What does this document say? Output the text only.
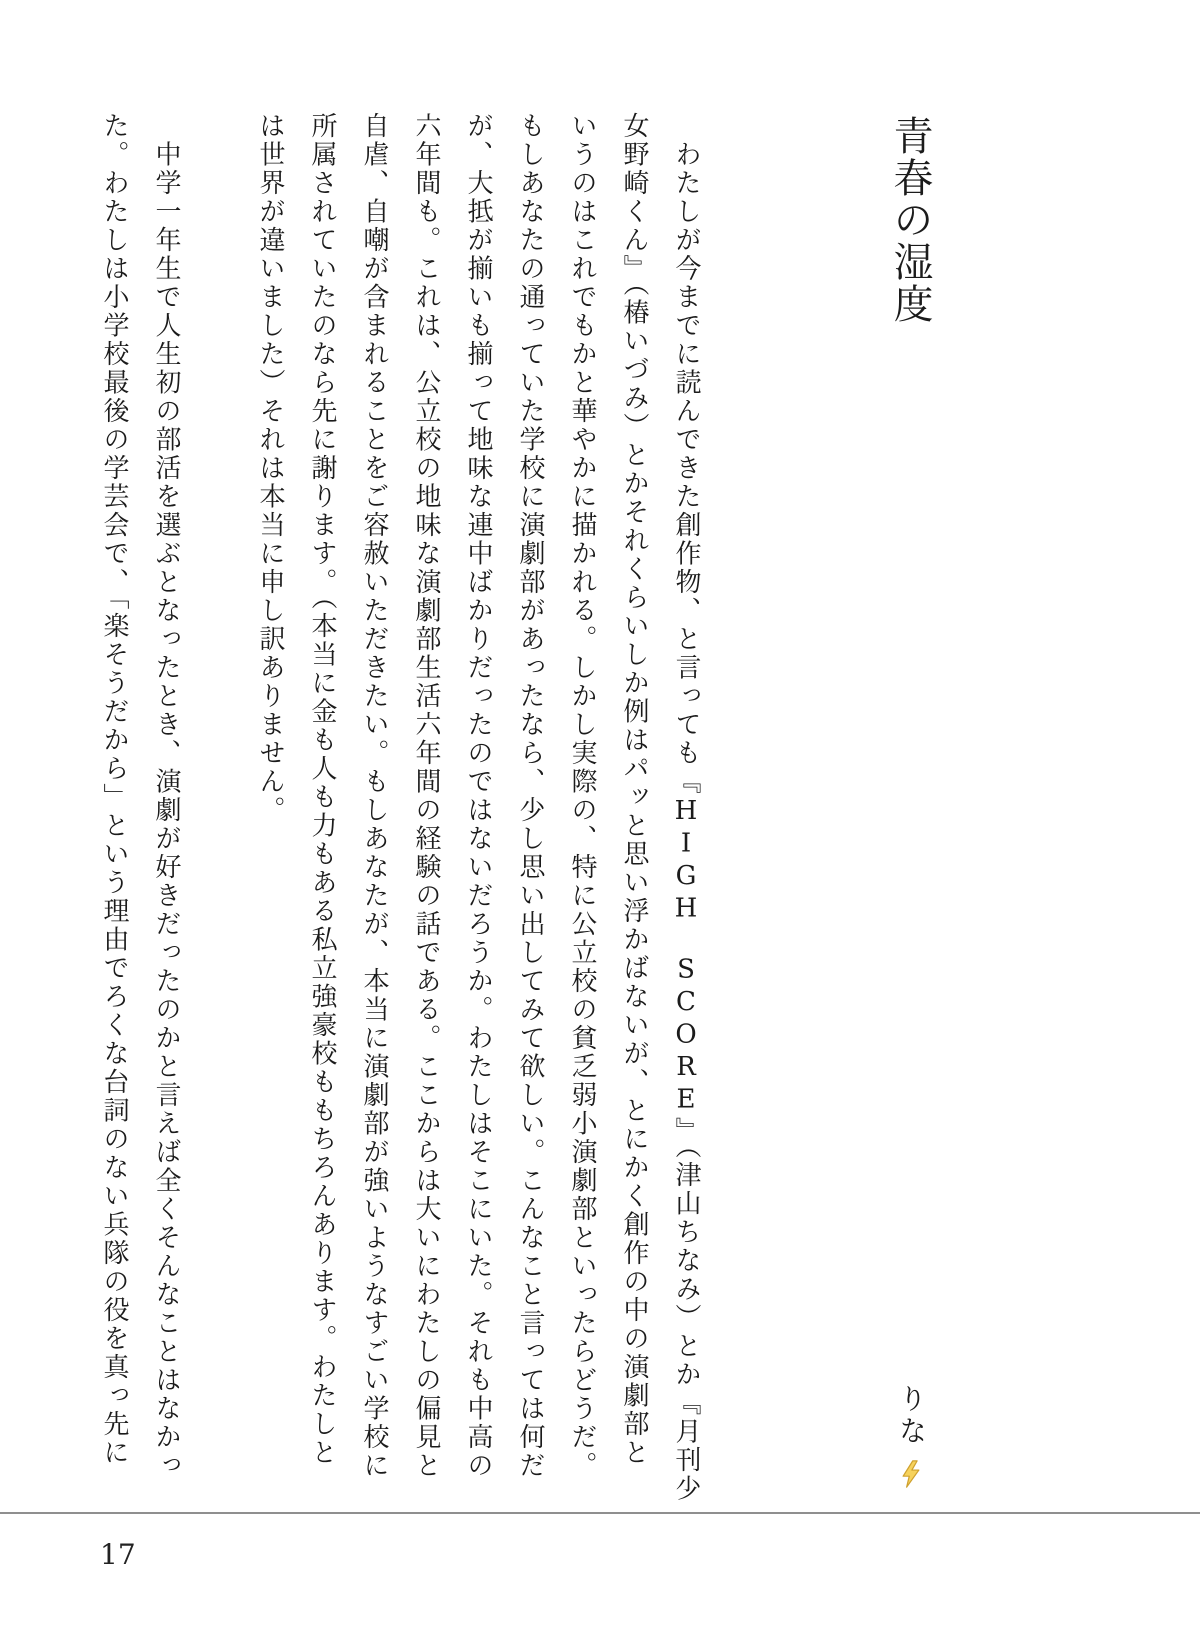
青春の湿度
りな
　わたしが今までに読んできた創作物、と言っても『HIGH　SCORE』（津山ちなみ）とか『月刊少
女野崎くん』（椿いづみ）とかそれくらいしか例はパッと思い浮かばないが、とにかく創作の中の演劇部と
いうのはこれでもかと華やかに描かれる。しかし実際の、特に公立校の貧乏弱小演劇部といったらどうだ。
もしあなたの通っていた学校に演劇部があったなら、少し思い出してみて欲しい。こんなこと言っては何だ
が、大抵が揃いも揃って地味な連中ばかりだったのではないだろうか。わたしはそこにいた。それも中高の
六年間も。これは、公立校の地味な演劇部生活六年間の経験の話である。ここからは大いにわたしの偏見と
自虐、自嘲が含まれることをご容赦いただきたい。もしあなたが、本当に演劇部が強いようなすごい学校に
所属されていたのなら先に謝ります。（本当に金も人も力もある私立強豪校ももちろんあります。わたしと
は世界が違いました）それは本当に申し訳ありません。
　中学一年生で人生初の部活を選ぶとなったとき、演劇が好きだったのかと言えば全くそんなことはなかっ
た。わたしは小学校最後の学芸会で、「楽そうだから」という理由でろくな台詞のない兵隊の役を真っ先に
17
